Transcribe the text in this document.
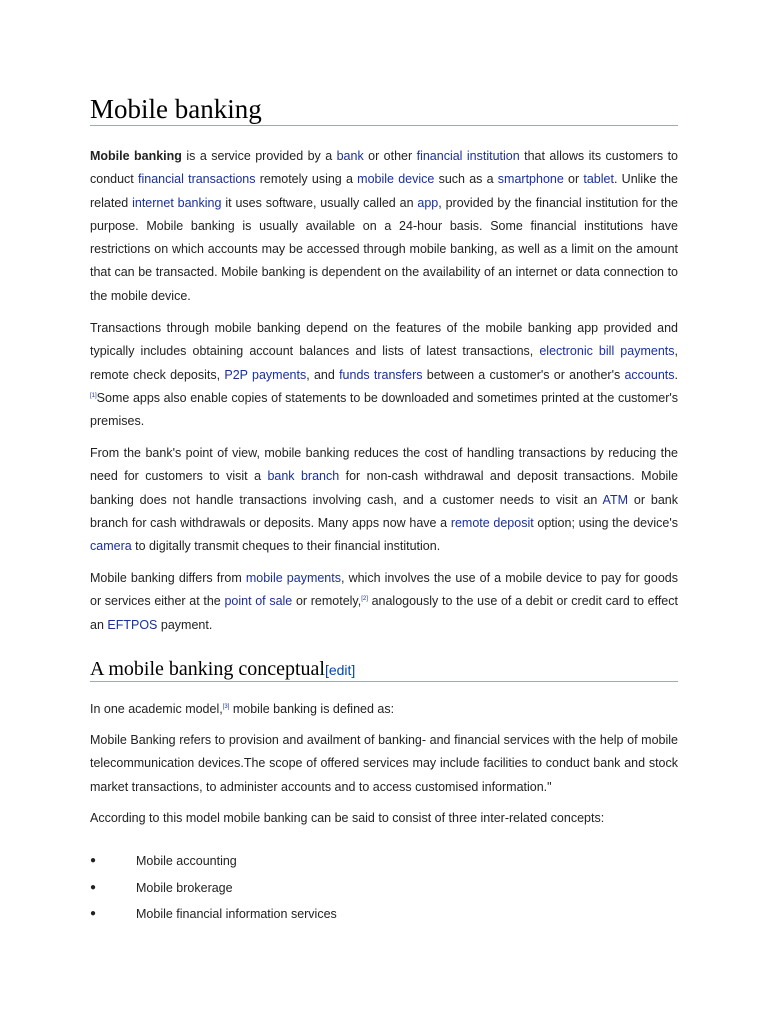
Mobile banking

Mobile banking is a service provided by a bank or other financial institution that allows its customers to conduct financial transactions remotely using a mobile device such as a smartphone or tablet. Unlike the related internet banking it uses software, usually called an app, provided by the financial institution for the purpose. Mobile banking is usually available on a 24-hour basis. Some financial institutions have restrictions on which accounts may be accessed through mobile banking, as well as a limit on the amount that can be transacted. Mobile banking is dependent on the availability of an internet or data connection to the mobile device.

Transactions through mobile banking depend on the features of the mobile banking app provided and typically includes obtaining account balances and lists of latest transactions, electronic bill payments, remote check deposits, P2P payments, and funds transfers between a customer's or another's accounts.[1]Some apps also enable copies of statements to be downloaded and sometimes printed at the customer's premises.

From the bank's point of view, mobile banking reduces the cost of handling transactions by reducing the need for customers to visit a bank branch for non-cash withdrawal and deposit transactions. Mobile banking does not handle transactions involving cash, and a customer needs to visit an ATM or bank branch for cash withdrawals or deposits. Many apps now have a remote deposit option; using the device's camera to digitally transmit cheques to their financial institution.

Mobile banking differs from mobile payments, which involves the use of a mobile device to pay for goods or services either at the point of sale or remotely,[2] analogously to the use of a debit or credit card to effect an EFTPOS payment.

A mobile banking conceptual[edit]

In one academic model,[3] mobile banking is defined as:

Mobile Banking refers to provision and availment of banking- and financial services with the help of mobile telecommunication devices.The scope of offered services may include facilities to conduct bank and stock market transactions, to administer accounts and to access customised information."

According to this model mobile banking can be said to consist of three inter-related concepts:

●	Mobile accounting
●	Mobile brokerage
●	Mobile financial information services
